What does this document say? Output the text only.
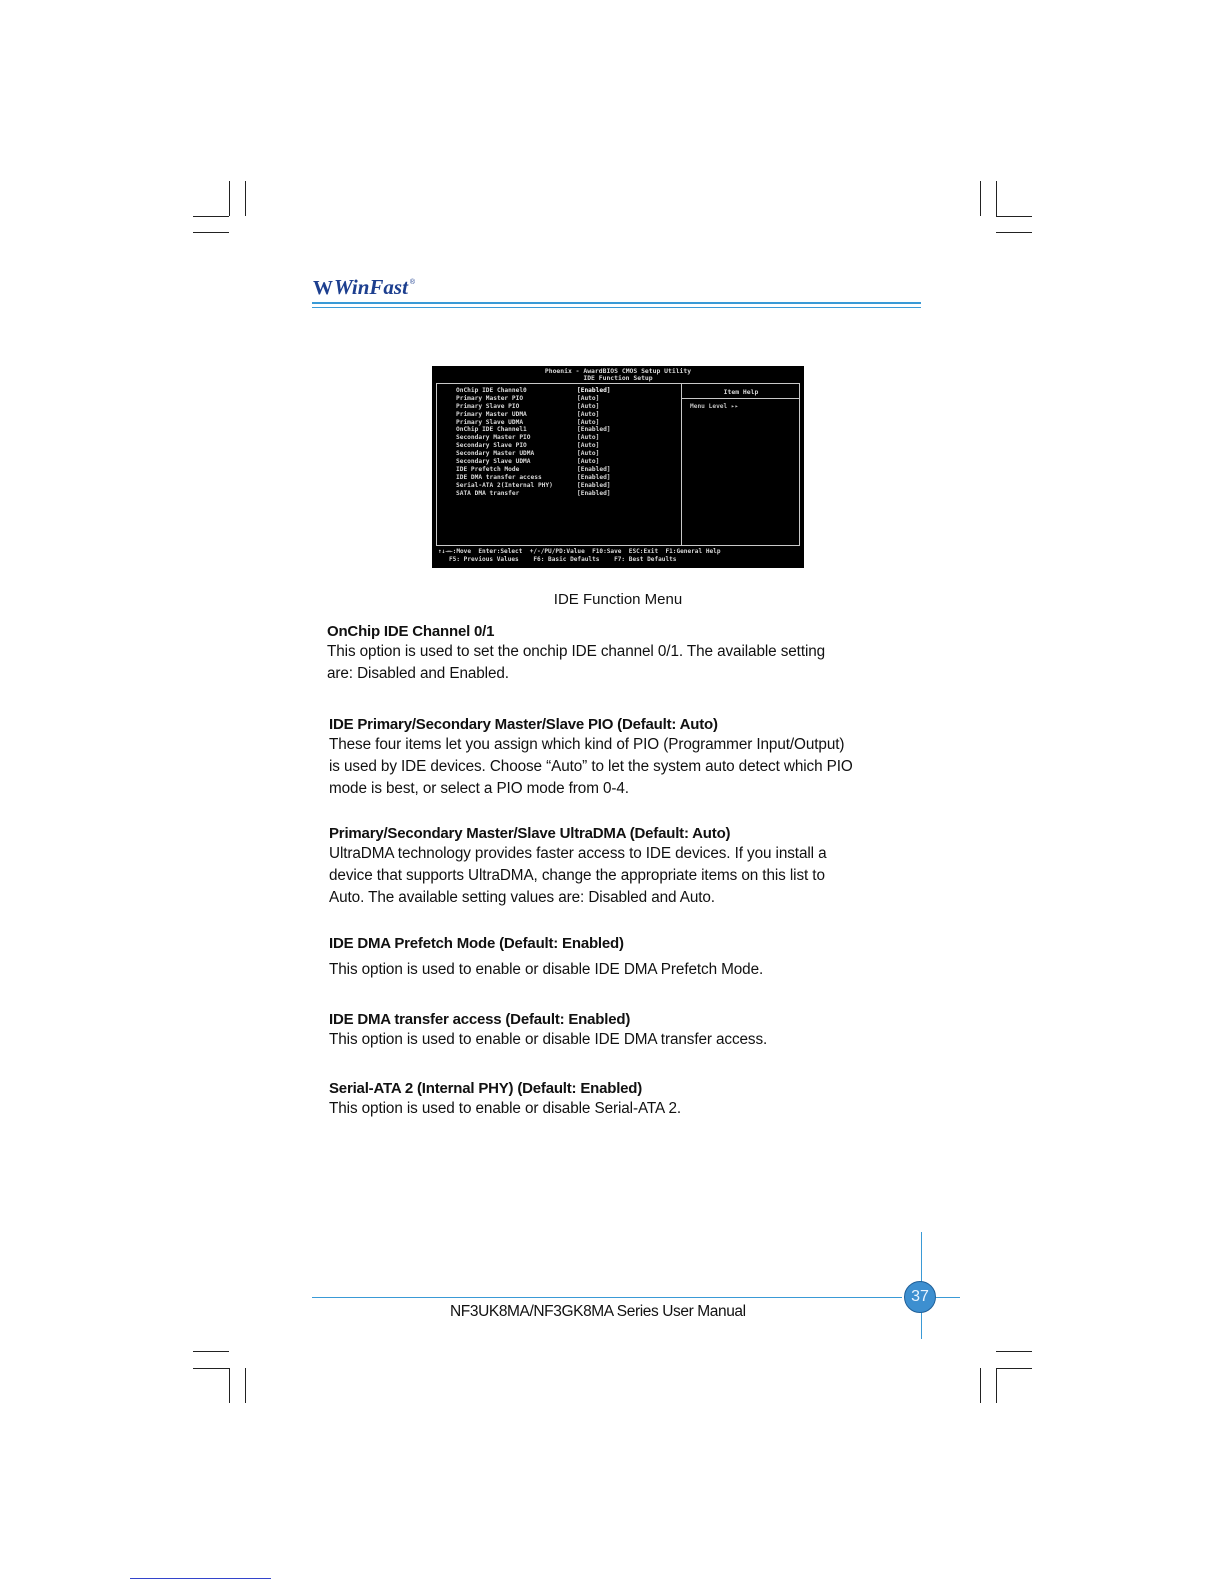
W WinFast ®
Phoenix - AwardBIOS CMOS Setup Utility
IDE Function Setup
Item Help
Menu Level ▸▸
OnChip IDE Channel0	[Enabled]
Primary Master PIO	[Auto]
Primary Slave PIO	[Auto]
Primary Master UDMA	[Auto]
Primary Slave UDMA	[Auto]
OnChip IDE Channel1	[Enabled]
Secondary Master PIO	[Auto]
Secondary Slave PIO	[Auto]
Secondary Master UDMA	[Auto]
Secondary Slave UDMA	[Auto]
IDE Prefetch Mode	[Enabled]
IDE DMA transfer access	[Enabled]
Serial-ATA 2(Internal PHY)	[Enabled]
SATA DMA transfer	[Enabled]
↑↓→←:Move  Enter:Select  +/-/PU/PD:Value  F10:Save  ESC:Exit  F1:General Help
F5: Previous Values    F6: Basic Defaults    F7: Best Defaults
IDE Function Menu
OnChip IDE Channel 0/1

This option is used to set the onchip IDE channel 0/1. The available setting

are: Disabled and Enabled.

IDE Primary/Secondary Master/Slave PIO (Default: Auto)

These four items let you assign which kind of PIO (Programmer Input/Output)

is used by IDE devices. Choose “Auto” to let the system auto detect which PIO

mode is best, or select a PIO mode from 0-4.

Primary/Secondary Master/Slave UltraDMA (Default: Auto)

UltraDMA technology provides faster access to IDE devices. If you install a

device that supports UltraDMA, change the appropriate items on this list to

Auto. The available setting values are: Disabled and Auto.

IDE DMA Prefetch Mode (Default: Enabled)

This option is used to enable or disable IDE DMA Prefetch Mode.

IDE DMA transfer access (Default: Enabled)

This option is used to enable or disable IDE DMA transfer access.

Serial-ATA 2 (Internal PHY) (Default: Enabled)

This option is used to enable or disable Serial-ATA 2.

37
NF3UK8MA/NF3GK8MA Series User Manual
